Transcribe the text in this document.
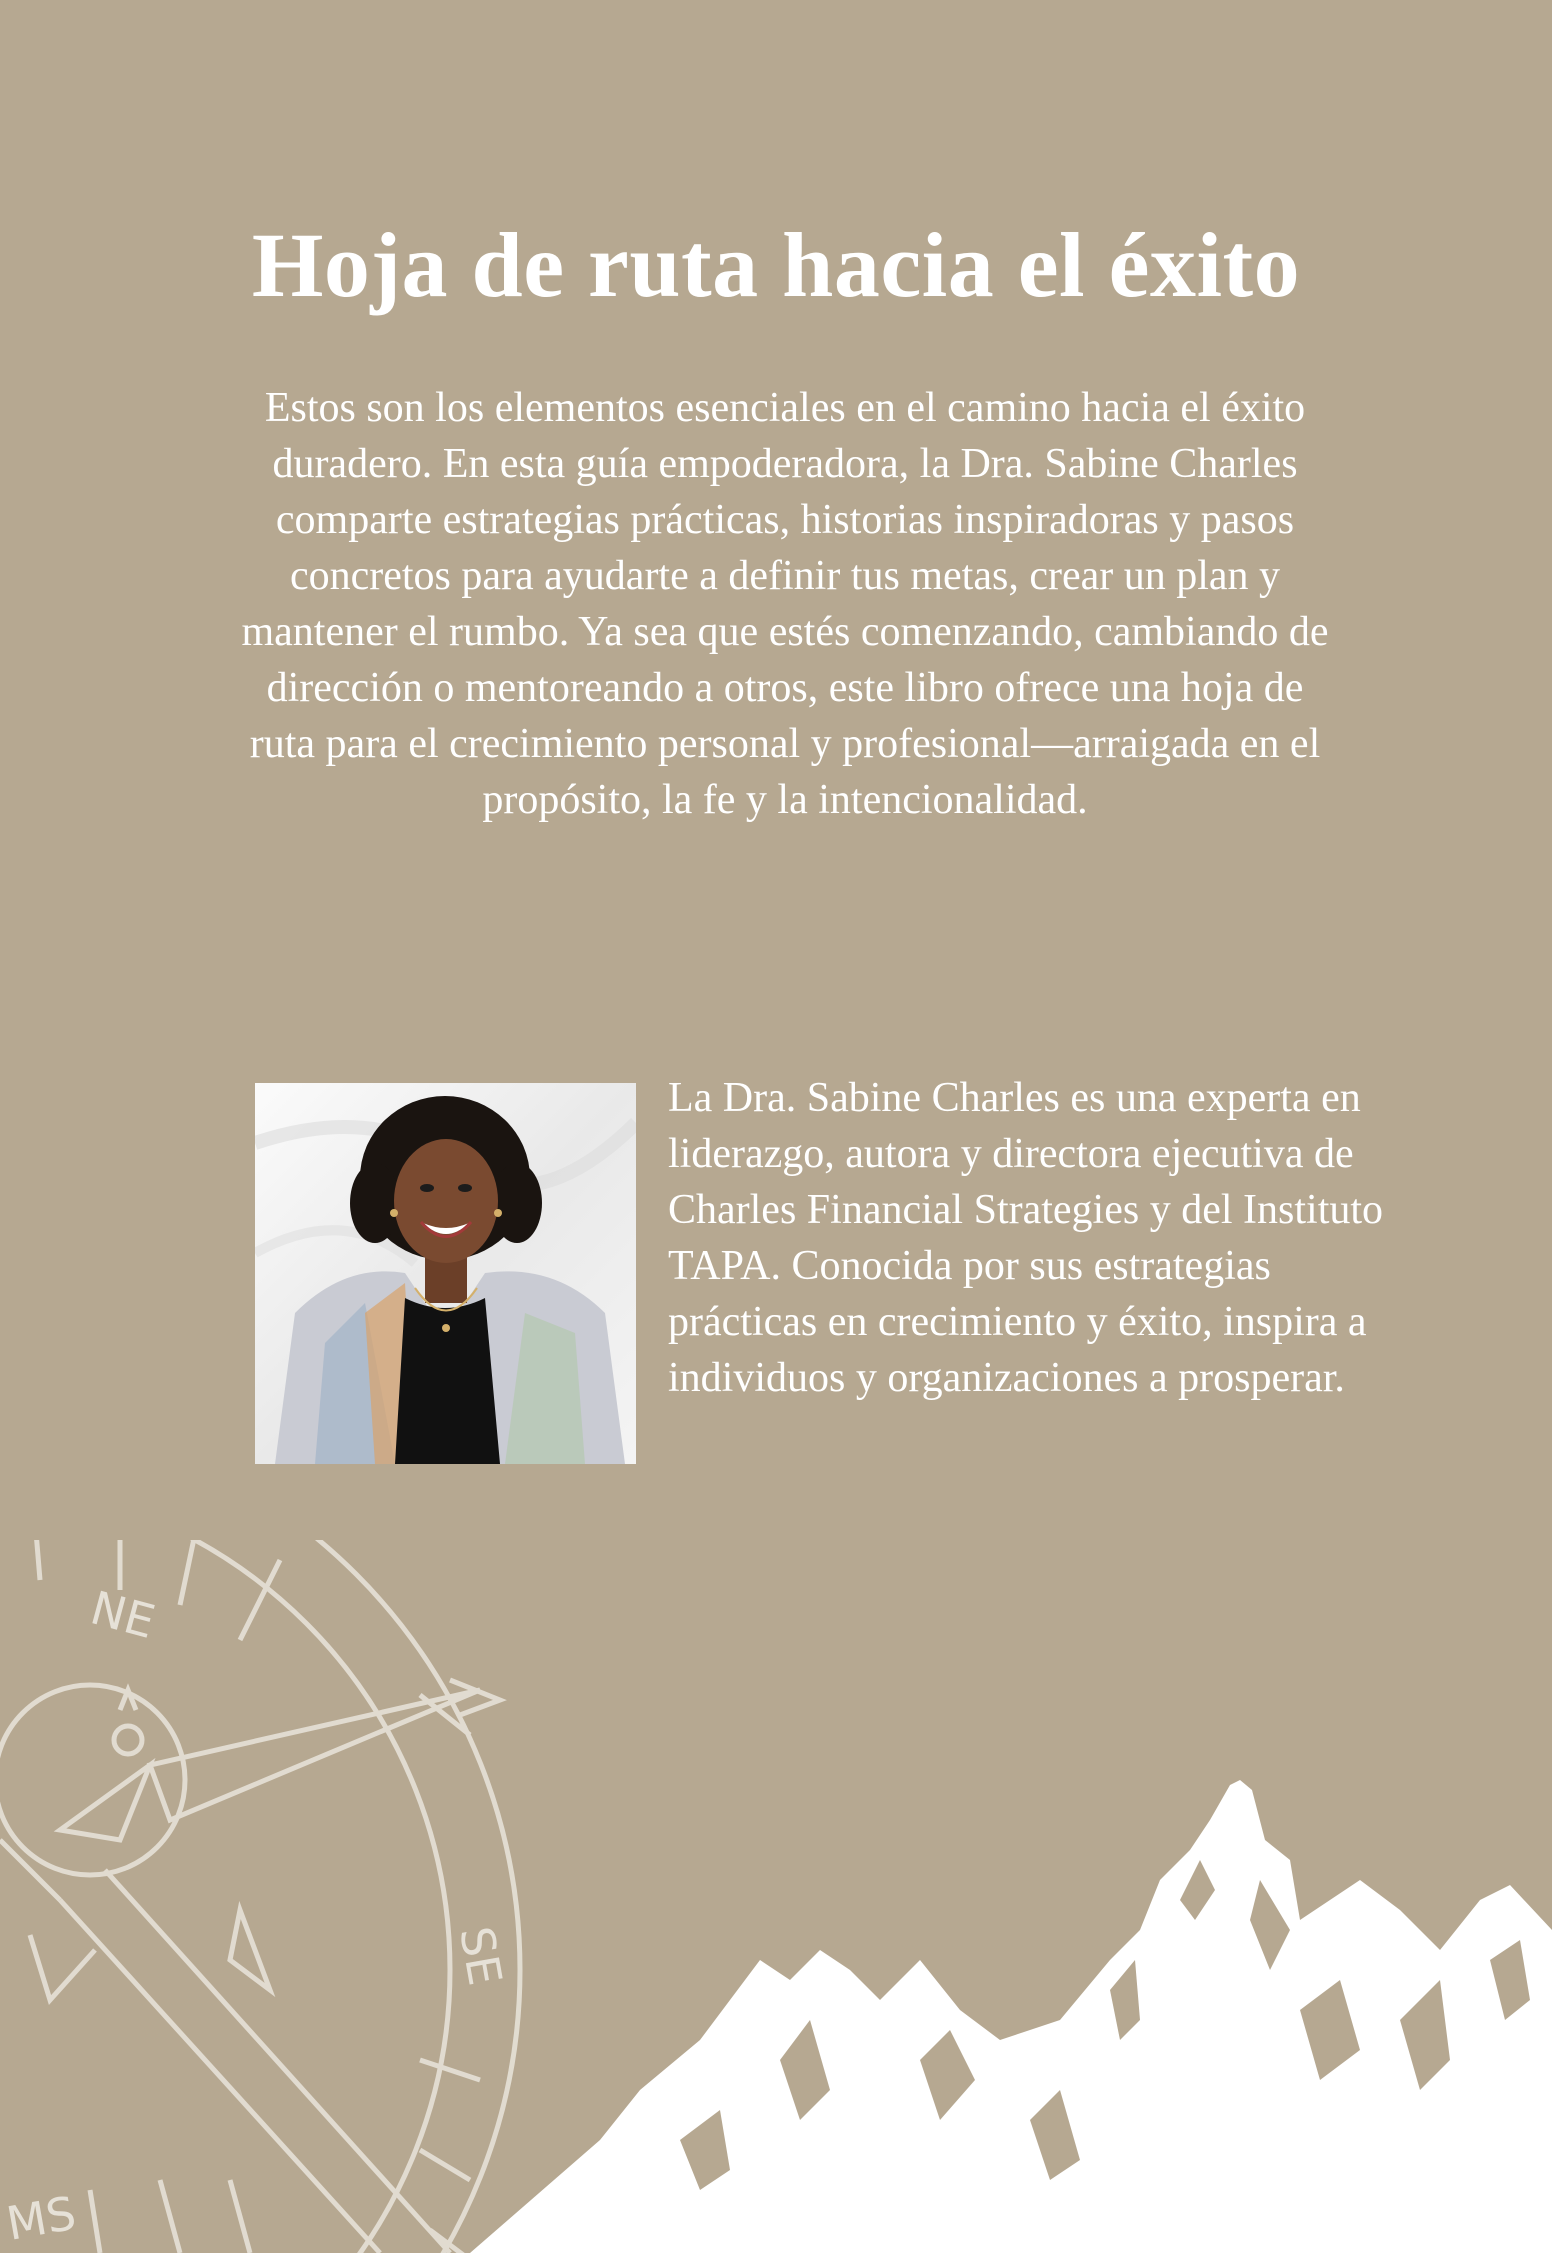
Hoja de ruta hacia el éxito

Estos son los elementos esenciales en el camino hacia el éxito duradero. En esta guía empoderadora, la Dra. Sabine Charles comparte estrategias prácticas, historias inspiradoras y pasos concretos para ayudarte a definir tus metas, crear un plan y mantener el rumbo. Ya sea que estés comenzando, cambiando de dirección o mentoreando a otros, este libro ofrece una hoja de ruta para el crecimiento personal y profesional—arraigada en el propósito, la fe y la intencionalidad.

La Dra. Sabine Charles es una experta en liderazgo, autora y directora ejecutiva de Charles Financial Strategies y del Instituto TAPA. Conocida por sus estrategias prácticas en crecimiento y éxito, inspira a individuos y organizaciones a prosperar.

NE
SE
MS
